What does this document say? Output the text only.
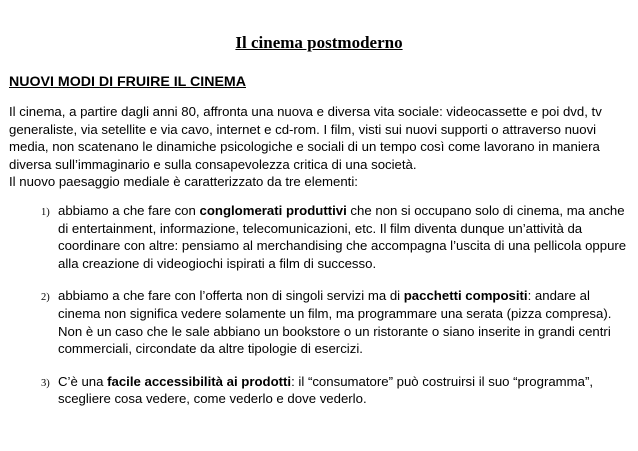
Il cinema postmoderno
NUOVI MODI DI FRUIRE IL CINEMA

Il cinema, a partire dagli anni 80, affronta una nuova e diversa vita sociale: videocassette e poi dvd, tv generaliste, via setellite e via cavo, internet e cd-rom. I film, visti sui nuovi supporti o attraverso nuovi media, non scatenano le dinamiche psicologiche e sociali di un tempo così come lavorano in maniera diversa sull’immaginario e sulla consapevolezza critica di una società.

Il nuovo paesaggio mediale è caratterizzato da tre elementi:

1) abbiamo a che fare con conglomerati produttivi che non si occupano solo di cinema, ma anche di entertainment, informazione, telecomunicazioni, etc. Il film diventa dunque un’attività da coordinare con altre: pensiamo al merchandising che accompagna l’uscita di una pellicola oppure alla creazione di videogiochi ispirati a film di successo.
2) abbiamo a che fare con l’offerta non di singoli servizi ma di pacchetti compositi: andare al cinema non significa vedere solamente un film, ma programmare una serata (pizza compresa). Non è un caso che le sale abbiano un bookstore o un ristorante o siano inserite in grandi centri commerciali, circondate da altre tipologie di esercizi.
3) C’è una facile accessibilità ai prodotti: il “consumatore” può costruirsi il suo “programma”, scegliere cosa vedere, come vederlo e dove vederlo.
